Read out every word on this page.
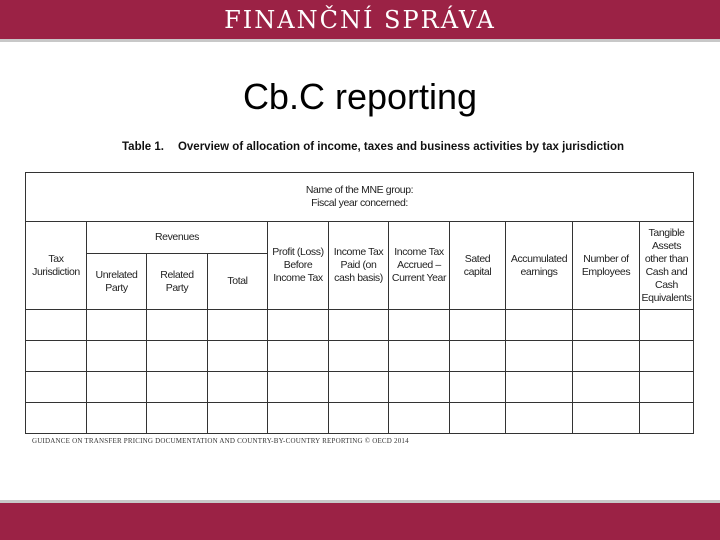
FINANČNÍ SPRÁVA
Cb.C reporting
Table 1. Overview of allocation of income, taxes and business activities by tax jurisdiction
Name of the MNE group:
Fiscal year concerned:										

Tax Jurisdiction	Revenues			Profit (Loss) Before Income Tax	Income Tax Paid (on cash basis)	Income Tax Accrued – Current Year	Sated capital	Accumulated earnings	Number of Employees	Tangible Assets other than Cash and Cash Equivalents
	Unrelated Party	Related Party	Total							

GUIDANCE ON TRANSFER PRICING DOCUMENTATION AND COUNTRY-BY-COUNTRY REPORTING © OECD 2014
